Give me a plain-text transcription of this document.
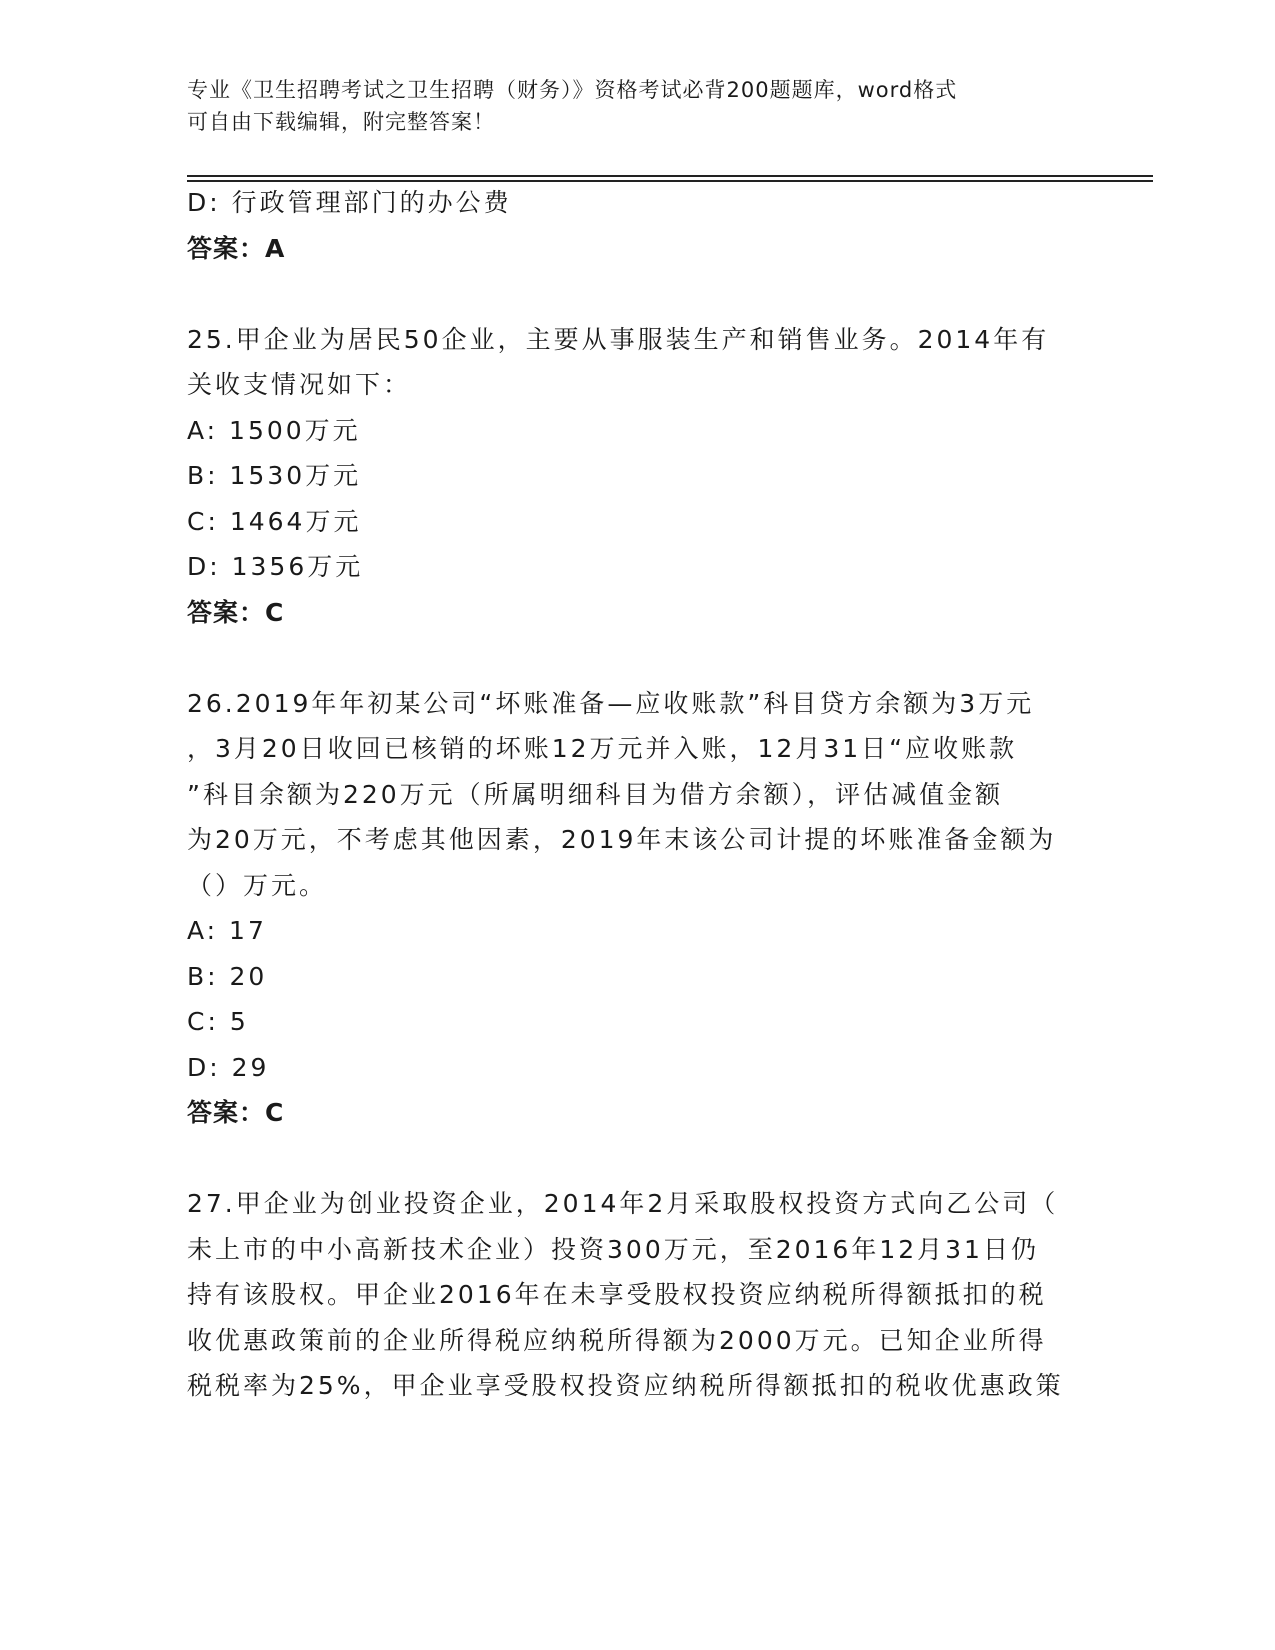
专业《卫生招聘考试之卫生招聘（财务）》资格考试必背200题题库，word格式
可自由下载编辑，附完整答案！
D: 行政管理部门的办公费
答案：A
25.甲企业为居民50企业，主要从事服装生产和销售业务。2014年有
关收支情况如下：
A: 1500万元
B: 1530万元
C: 1464万元
D: 1356万元
答案：C
26.2019年年初某公司“坏账准备—应收账款”科目贷方余额为3万元
，3月20日收回已核销的坏账12万元并入账，12月31日“应收账款
”科目余额为220万元（所属明细科目为借方余额），评估减值金额
为20万元，不考虑其他因素，2019年末该公司计提的坏账准备金额为
（）万元。
A: 17
B: 20
C: 5
D: 29
答案：C
27.甲企业为创业投资企业，2014年2月采取股权投资方式向乙公司（
未上市的中小高新技术企业）投资300万元，至2016年12月31日仍
持有该股权。甲企业2016年在未享受股权投资应纳税所得额抵扣的税
收优惠政策前的企业所得税应纳税所得额为2000万元。已知企业所得
税税率为25%，甲企业享受股权投资应纳税所得额抵扣的税收优惠政策
